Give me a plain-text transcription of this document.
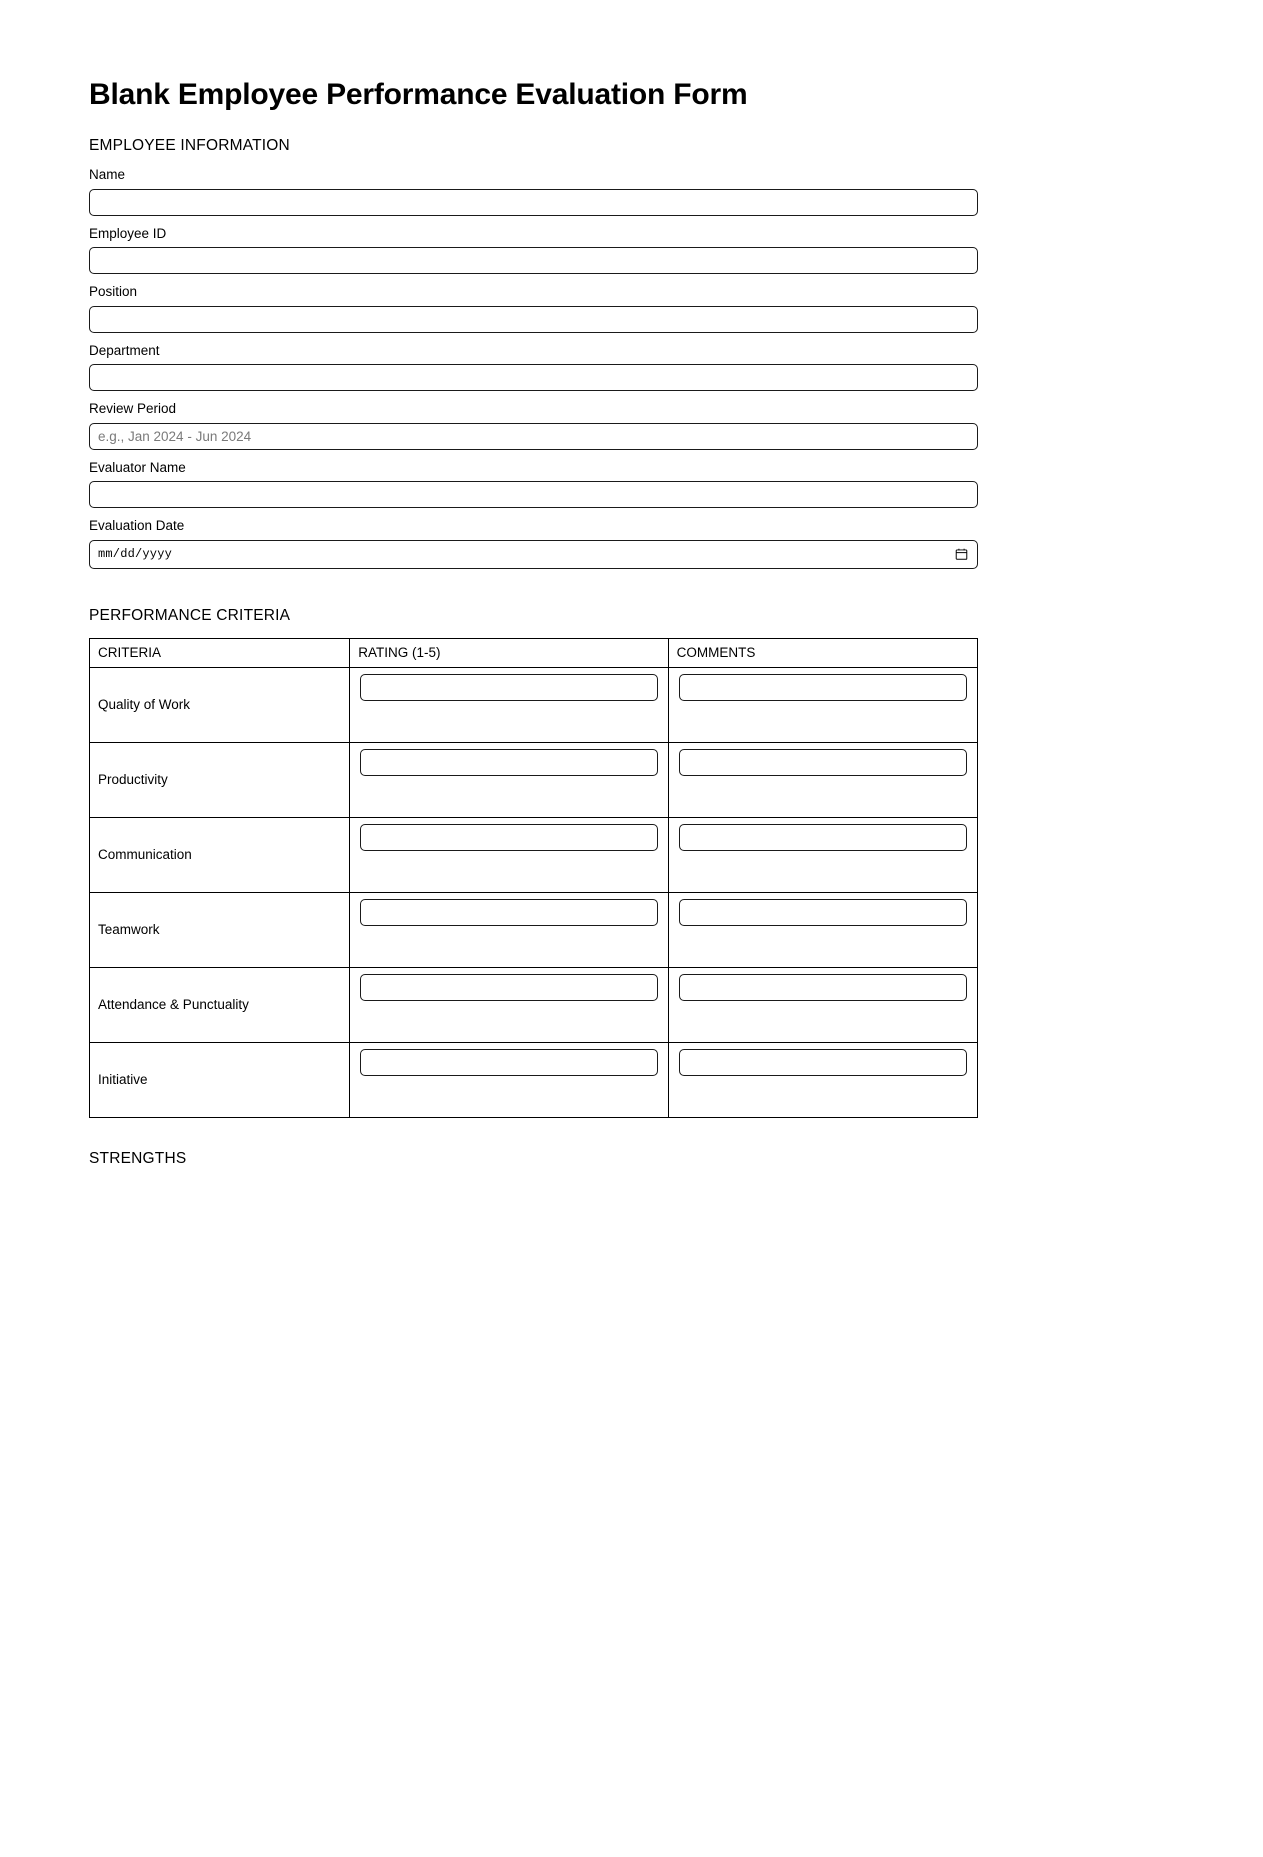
Blank Employee Performance Evaluation Form
EMPLOYEE INFORMATION
Name
Employee ID
Position
Department
Review Period
e.g., Jan 2024 - Jun 2024
Evaluator Name
Evaluation Date
mm/dd/yyyy
PERFORMANCE CRITERIA
CRITERIA	RATING (1-5)	COMMENTS
Quality of Work	

Productivity	

Communication	

Teamwork	

Attendance & Punctuality	

Initiative	

STRENGTHS
